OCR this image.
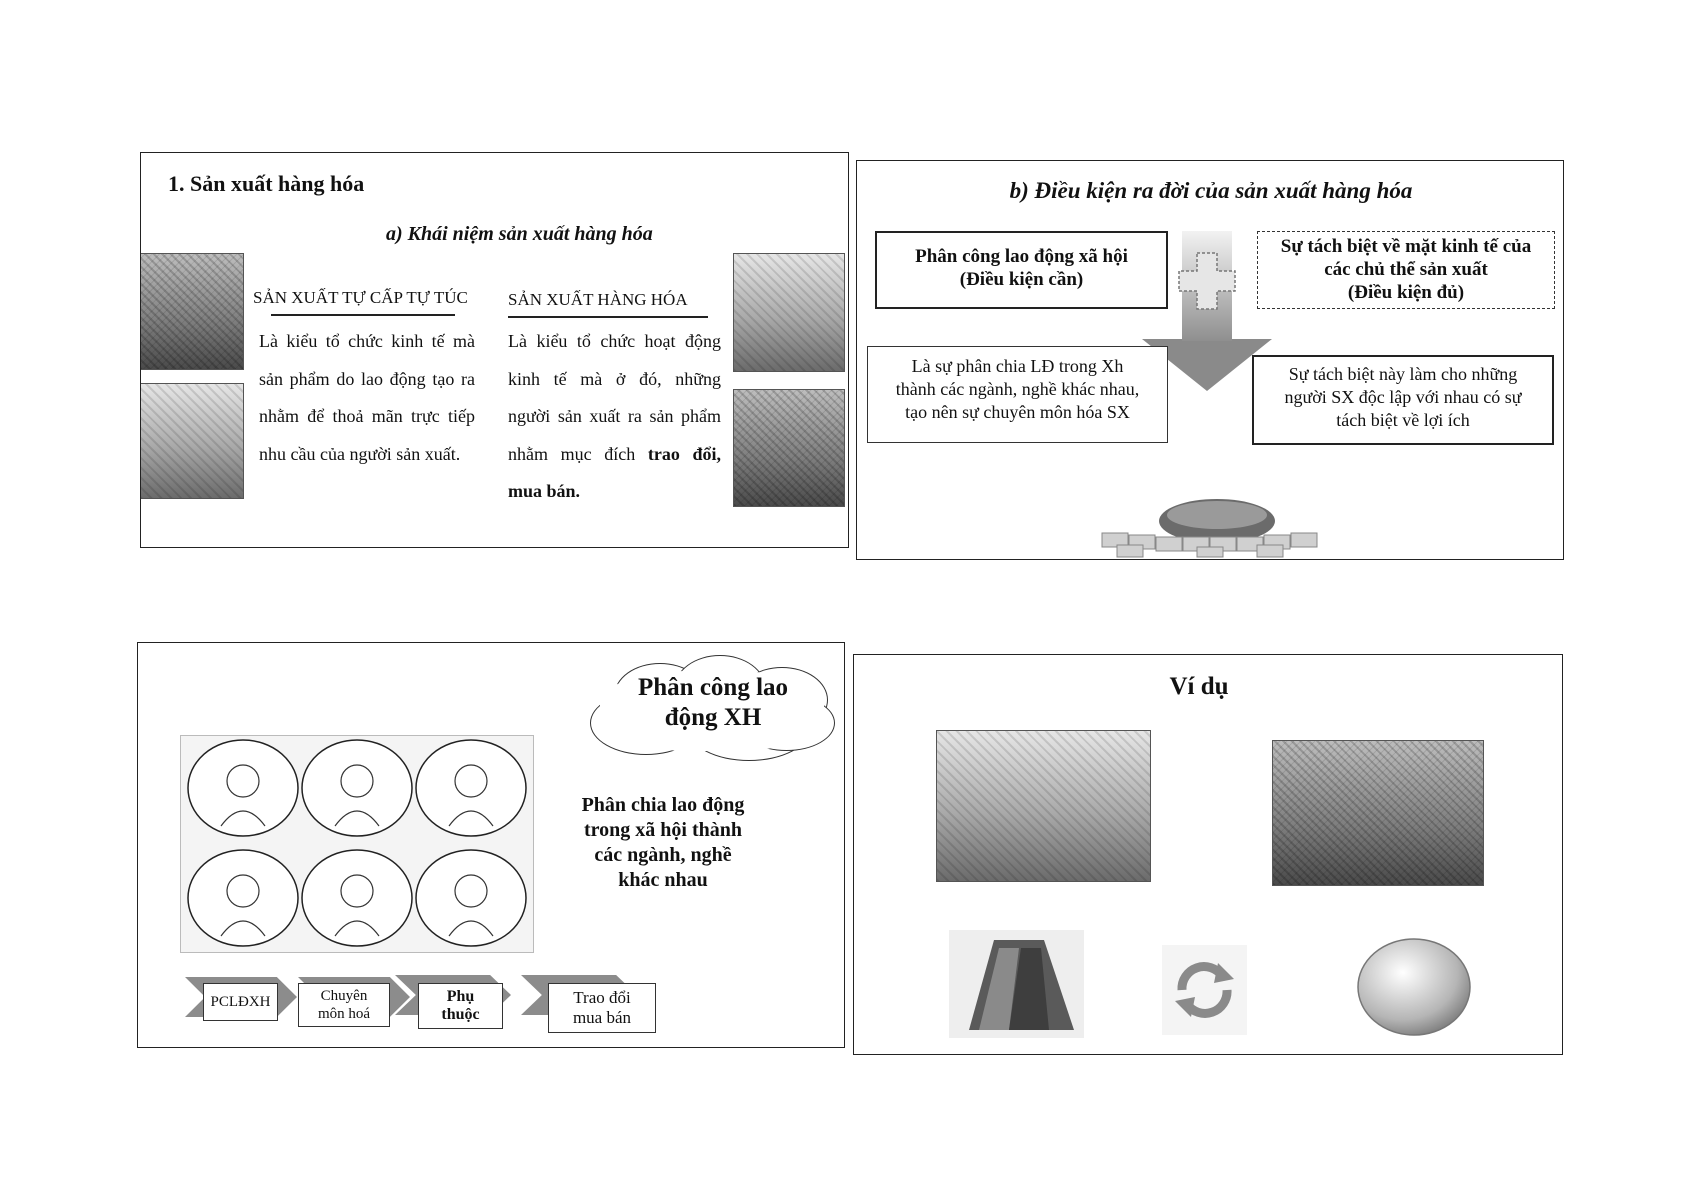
1. Sản xuất hàng hóa
a) Khái niệm sản xuất hàng hóa
SẢN XUẤT TỰ CẤP TỰ TÚC
Là kiểu tổ chức kinh tế mà sản phẩm do lao động tạo ra nhằm để thoả mãn trực tiếp nhu cầu của người sản xuất.
SẢN XUẤT HÀNG HÓA
Là kiểu tổ chức hoạt động kinh tế mà ở đó, những người sản xuất ra sản phẩm nhằm mục đích trao đổi, mua bán.
b) Điều kiện ra đời của sản xuất hàng hóa
Phân công lao động xã hội
(Điều kiện cần)
Sự tách biệt về mặt kinh tế của
các chủ thể sản xuất
(Điều kiện đủ)
Là sự phân chia LĐ trong Xh
thành các ngành, nghề khác nhau,
tạo nên sự chuyên môn hóa SX
Sự tách biệt này làm cho những
người SX độc lập với nhau có sự
tách biệt về lợi ích
Phân công lao
động XH
Phân chia lao động
trong xã hội thành
các ngành, nghề
khác nhau
PCLĐXH	Chuyên
môn hoá
Phụ
thuộc
Trao đổi
mua bán
Ví dụ
